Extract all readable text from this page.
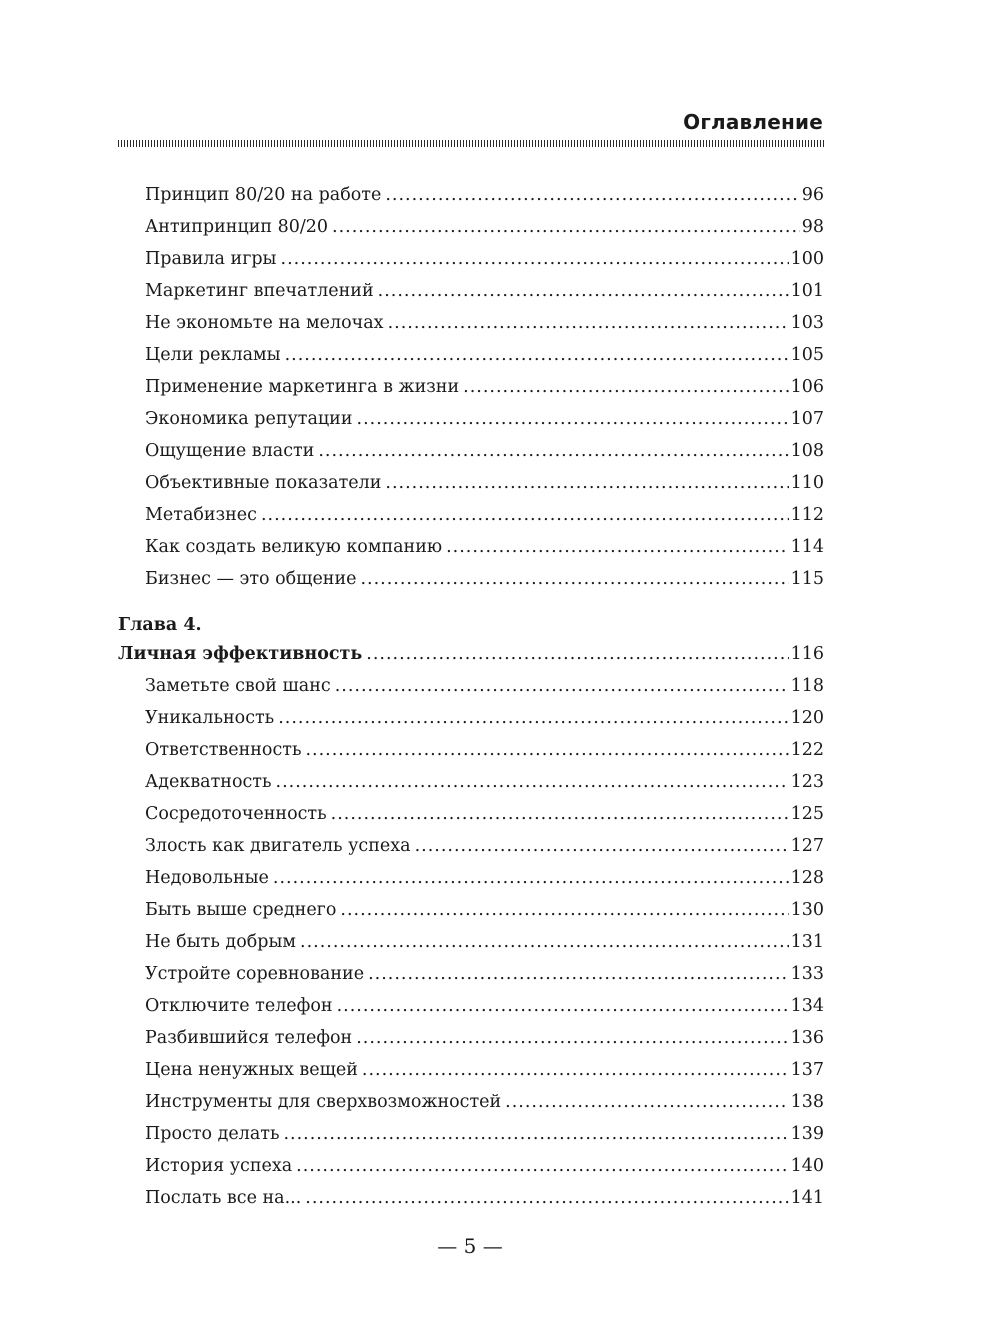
Оглавление
Принцип 80/20 на работе .....	96
Антипринцип 80/20 .....	98
Правила игры .....	100
Маркетинг впечатлений .....	101
Не экономьте на мелочах .....	103
Цели рекламы .....	105
Применение маркетинга в жизни .....	106
Экономика репутации .....	107
Ощущение власти .....	108
Объективные показатели .....	110
Метабизнес .....	112
Как создать великую компанию .....	114
Бизнес — это общение .....	115
Глава 4.
Личная эффективность .....	116
Заметьте свой шанс .....	118
Уникальность .....	120
Ответственность .....	122
Адекватность .....	123
Сосредоточенность .....	125
Злость как двигатель успеха .....	127
Недовольные .....	128
Быть выше среднего .....	130
Не быть добрым .....	131
Устройте соревнование .....	133
Отключите телефон .....	134
Разбившийся телефон .....	136
Цена ненужных вещей .....	137
Инструменты для сверхвозможностей .....	138
Просто делать .....	139
История успеха .....	140
Послать все на... .....	141
— 5 —
